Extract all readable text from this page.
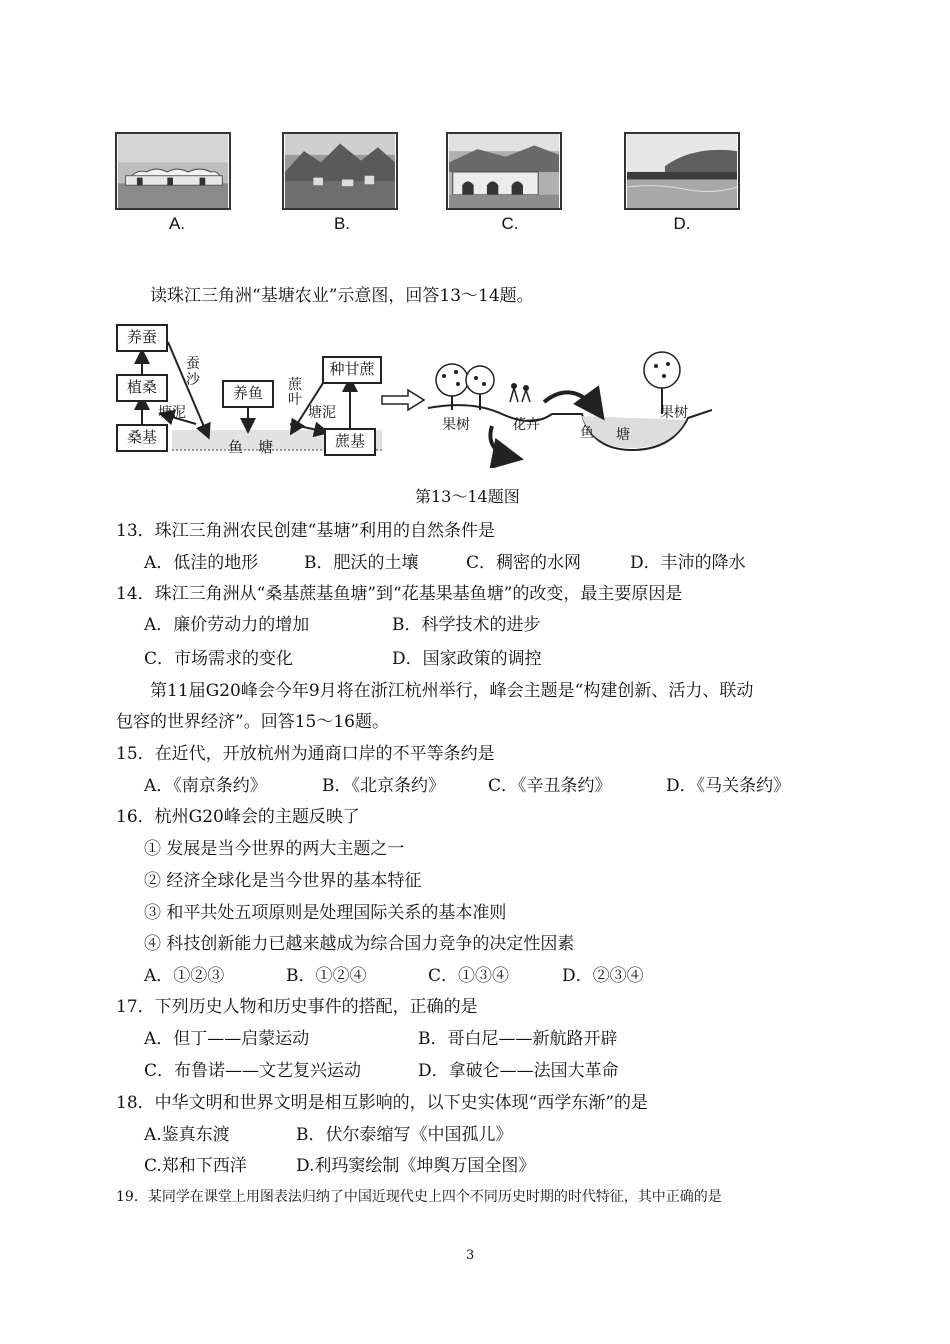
A.	B.	C.	D.
读珠江三角洲“基塘农业”示意图，回答13～14题。
养蚕
植桑
桑基
养鱼
种甘蔗
蔗基
蚕沙
塘泥
蔗叶
塘泥
鱼 塘
果树	花卉	鱼 塘
果树
第13～14题图
13．珠江三角洲农民创建“基塘”利用的自然条件是
A．低洼的地形	B．肥沃的土壤	C．稠密的水网	D．丰沛的降水
14．珠江三角洲从“桑基蔗基鱼塘”到“花基果基鱼塘”的改变，最主要原因是
A．廉价劳动力的增加	B．科学技术的进步
C．市场需求的变化	D．国家政策的调控
第11届G20峰会今年9月将在浙江杭州举行，峰会主题是“构建创新、活力、联动
包容的世界经济”。回答15～16题。
15．在近代，开放杭州为通商口岸的不平等条约是
A．《南京条约》	B．《北京条约》	C．《辛丑条约》	D．《马关条约》
16．杭州G20峰会的主题反映了
① 发展是当今世界的两大主题之一
② 经济全球化是当今世界的基本特征
③ 和平共处五项原则是处理国际关系的基本准则
④ 科技创新能力已越来越成为综合国力竞争的决定性因素
A．①②③	B．①②④	C．①③④	D．②③④
17．下列历史人物和历史事件的搭配，正确的是
A．但丁——启蒙运动	B．哥白尼——新航路开辟
C．布鲁诺——文艺复兴运动	D．拿破仑——法国大革命
18．中华文明和世界文明是相互影响的，以下史实体现“西学东渐”的是
A.鉴真东渡	B．伏尔泰缩写《中国孤儿》
C.郑和下西洋	D.利玛窦绘制《坤舆万国全图》
19．某同学在课堂上用图表法归纳了中国近现代史上四个不同历史时期的时代特征，其中正确的是
3
